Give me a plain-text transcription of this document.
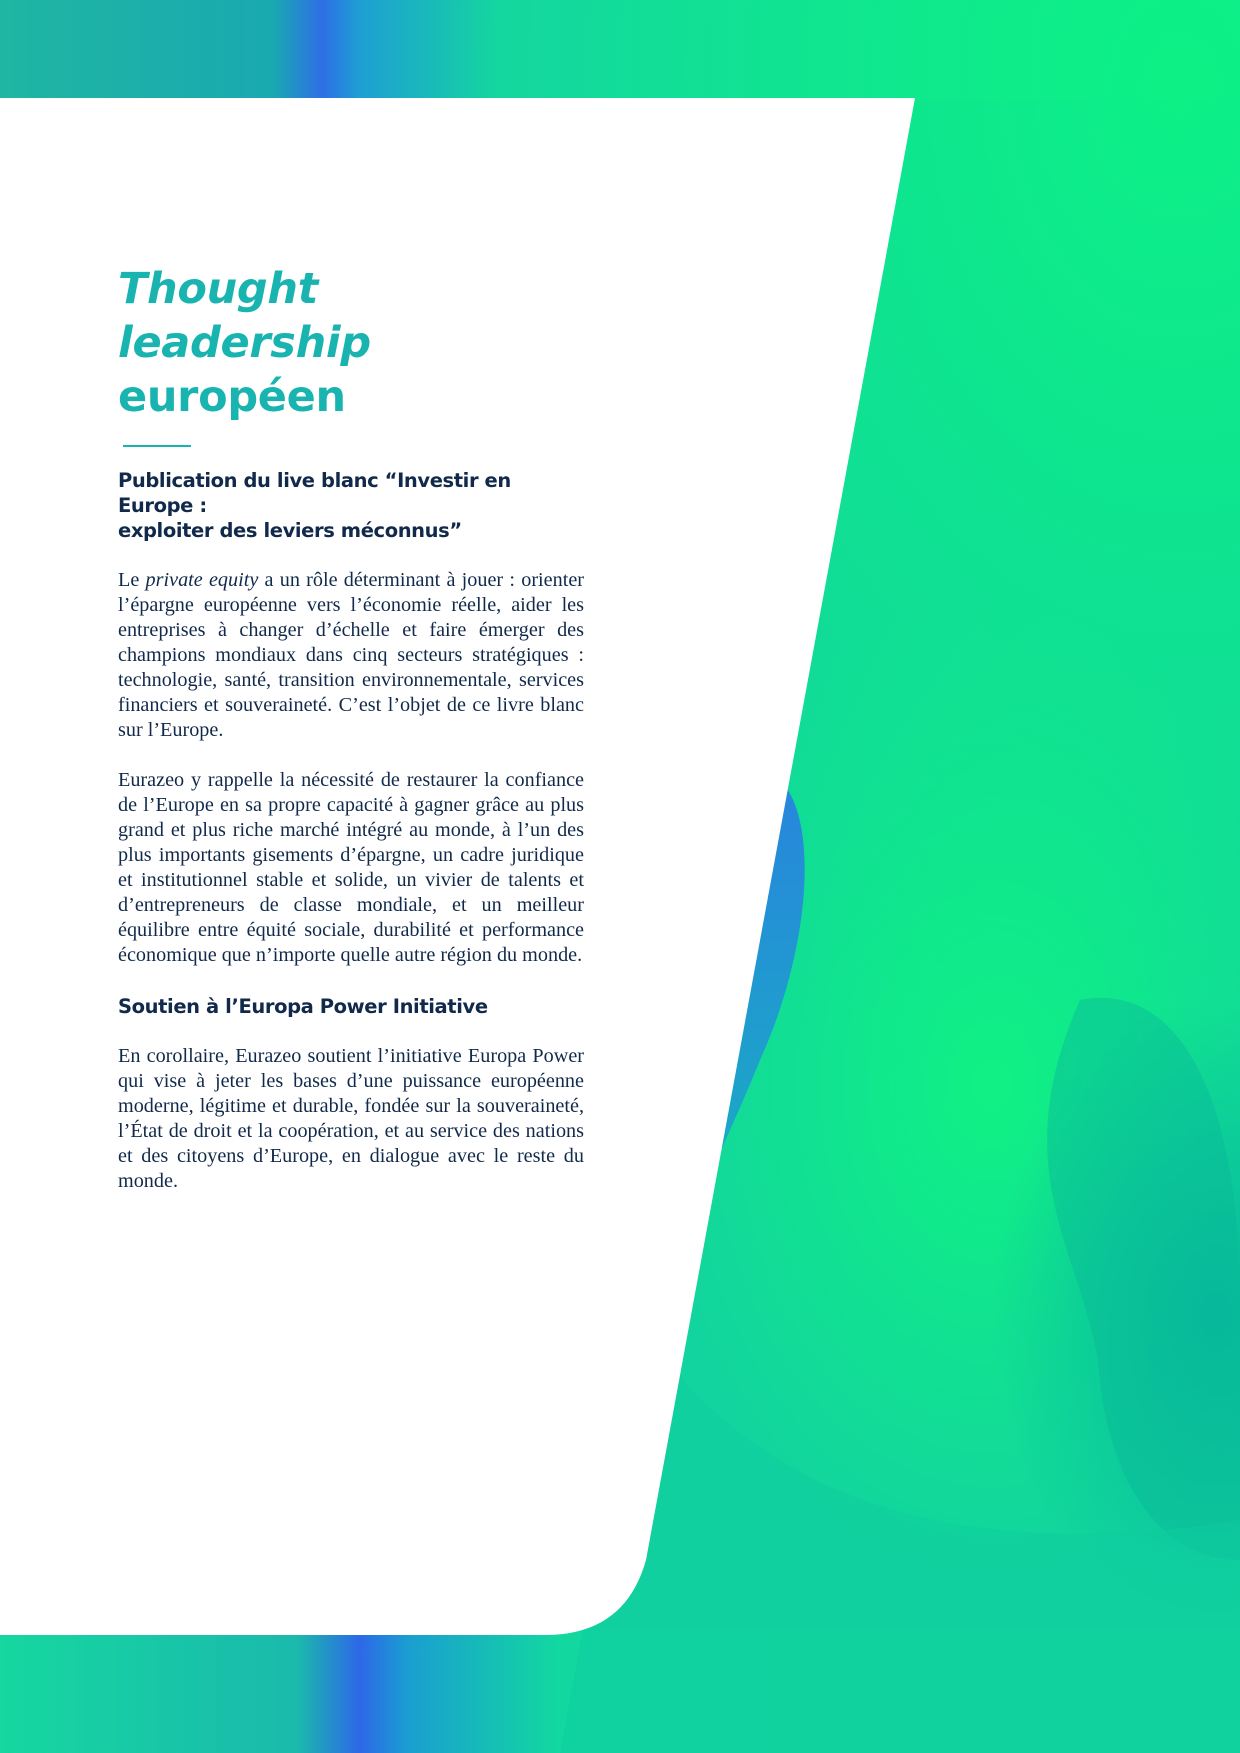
Thought leadership
européen
Publication du live blanc “Investir en Europe :
exploiter des leviers méconnus”

Le private equity a un rôle déterminant à jouer : orienter l’épargne européenne vers l’économie réelle, aider les entreprises à changer d’échelle et faire émerger des champions mondiaux dans cinq secteurs stratégiques : technologie, santé, transition environnementale, services financiers et souveraineté. C’est l’objet de ce livre blanc sur l’Europe.

Eurazeo y rappelle la nécessité de restaurer la confiance de l’Europe en sa propre capacité à gagner grâce au plus grand et plus riche marché intégré au monde, à l’un des plus importants gisements d’épargne, un cadre juridique et institutionnel stable et solide, un vivier de talents et d’entrepreneurs de classe mondiale, et un meilleur équilibre entre équité sociale, durabilité et performance économique que n’importe quelle autre région du monde.

Soutien à l’Europa Power Initiative

En corollaire, Eurazeo soutient l’initiative Europa Power qui vise à jeter les bases d’une puissance européenne moderne, légitime et durable, fondée sur la souveraineté, l’État de droit et la coopération, et au service des nations et des citoyens d’Europe, en dialogue avec le reste du monde.
